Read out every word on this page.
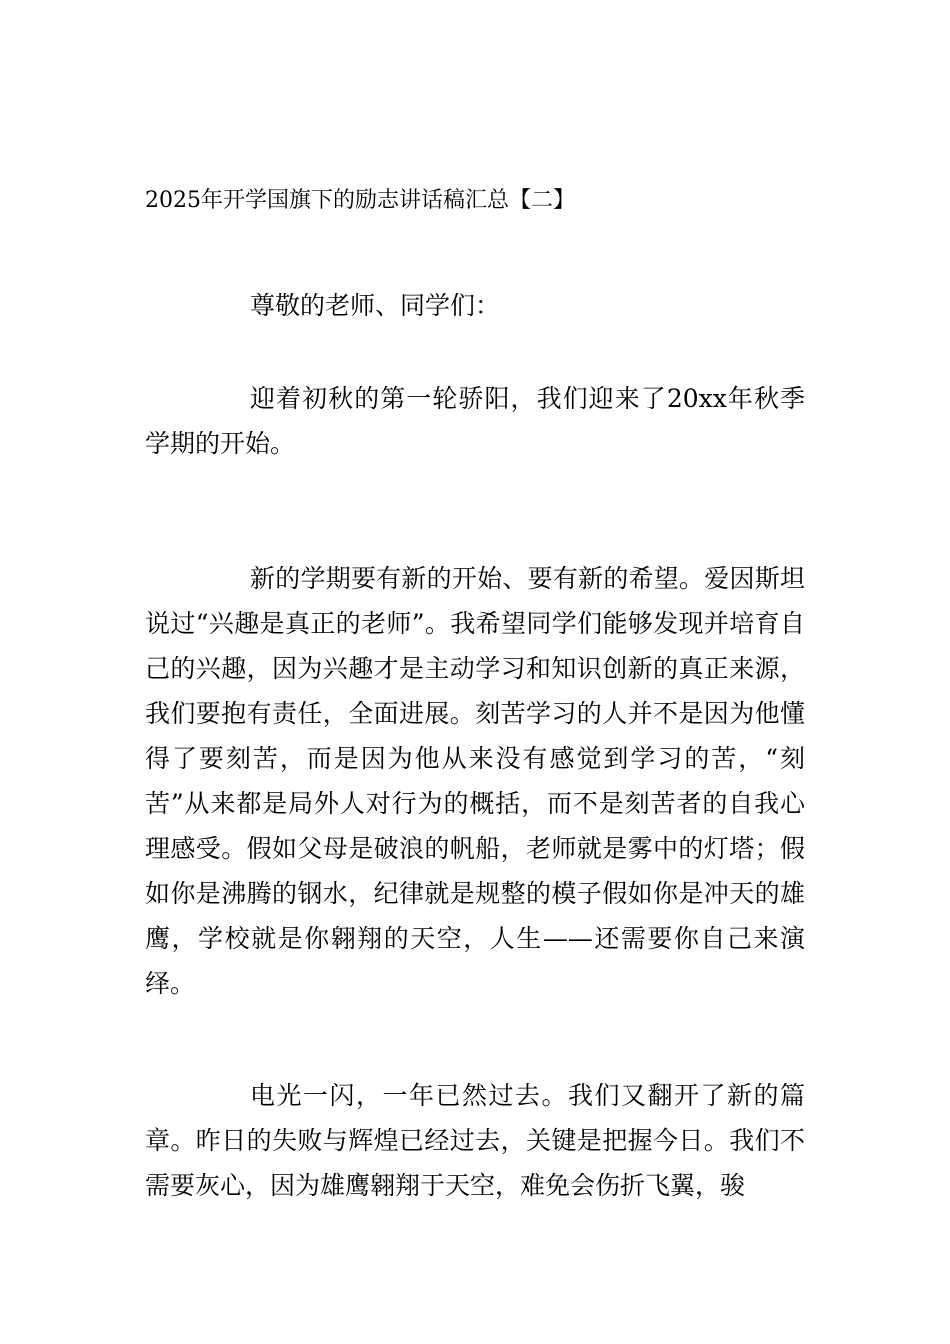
2025年开学国旗下的励志讲话稿汇总【二】

尊敬的老师、同学们：

迎着初秋的第一轮骄阳，我们迎来了20xx年秋季学期的开始。

新的学期要有新的开始、要有新的希望。爱因斯坦说过“兴趣是真正的老师”。我希望同学们能够发现并培育自己的兴趣，因为兴趣才是主动学习和知识创新的真正来源，我们要抱有责任，全面进展。刻苦学习的人并不是因为他懂得了要刻苦，而是因为他从来没有感觉到学习的苦，“刻苦”从来都是局外人对行为的概括，而不是刻苦者的自我心理感受。假如父母是破浪的帆船，老师就是雾中的灯塔；假如你是沸腾的钢水，纪律就是规整的模子假如你是冲天的雄鹰，学校就是你翱翔的天空，人生——还需要你自己来演绎。

电光一闪，一年已然过去。我们又翻开了新的篇章。昨日的失败与辉煌已经过去，关键是把握今日。我们不需要灰心，因为雄鹰翱翔于天空，难免会伤折飞翼，骏
